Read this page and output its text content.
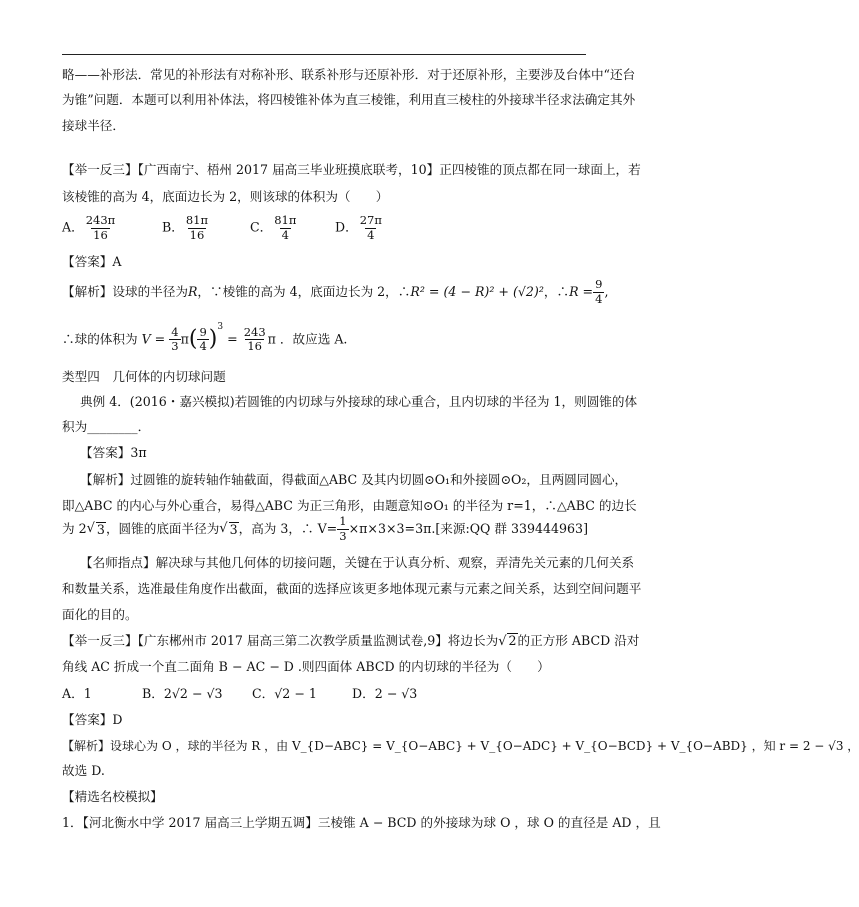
略——补形法．常见的补形法有对称补形、联系补形与还原补形．对于还原补形，主要涉及台体中“还台
为锥”问题．本题可以利用补体法，将四棱锥补体为直三棱锥，利用直三棱柱的外接球半径求法确定其外
接球半径．
【举一反三】【广西南宁、梧州 2017 届高三毕业班摸底联考，10】正四棱锥的顶点都在同一球面上，若
该棱锥的高为 4，底面边长为 2，则该球的体积为（　　）
A． $\frac{243\pi}{16}$	B． $\frac{81\pi}{16}$	C． $\frac{81\pi}{4}$	D． $\frac{27\pi}{4}$
【答案】A
【解析】设球的半径为R，∵棱锥的高为 4，底面边长为 2，∴R² = (4 − R)² + (√2)²，∴R = $\frac{9}{4}$ ,
∴球的体积为 $V = \frac{4}{3} \pi( \frac{9}{4} )^3 = \frac{243}{16}$ π ．故应选 A.
类型四　几何体的内切球问题
典例 4．(2016・嘉兴模拟)若圆锥的内切球与外接球的球心重合，且内切球的半径为 1，则圆锥的体
积为________．
【答案】3π
【解析】过圆锥的旋转轴作轴截面，得截面△ABC 及其内切圆⊙O₁和外接圆⊙O₂，且两圆同圆心，
即△ABC 的内心与外心重合，易得△ABC 为正三角形，由题意知⊙O₁ 的半径为 r=1，∴△ABC 的边长
为 2√ 3，圆锥的底面半径为√ 3，高为 3，∴ $V= \frac{1}{3} \times\pi\times 3\times 3=3\pi$.[来源:QQ 群 339444963]
【名师指点】解决球与其他几何体的切接问题，关键在于认真分析、观察，弄清先关元素的几何关系
和数量关系，选准最佳角度作出截面，截面的选择应该更多地体现元素与元素之间关系，达到空间问题平
面化的目的。
【举一反三】【广东郴州市 2017 届高三第二次教学质量监测试卷,9】将边长为√ 2的正方形 ABCD 沿对
角线 AC 折成一个直二面角 B − AC − D .则四面体 ABCD 的内切球的半径为（　　）
A．1	B．2√2 − √3 C．√2 − 1	D．2 − √3
【答案】D
【解析】设球心为 O ，球的半径为 R ，由 V_{D−ABC} = V_{O−ABC} + V_{O−ADC} + V_{O−BCD} + V_{O−ABD} ，知 r = 2 − √3 ，
故选 D.
【精选名校模拟】
1．【河北衡水中学 2017 届高三上学期五调】三棱锥 A − BCD 的外接球为球 O ，球 O 的直径是 AD ，且
